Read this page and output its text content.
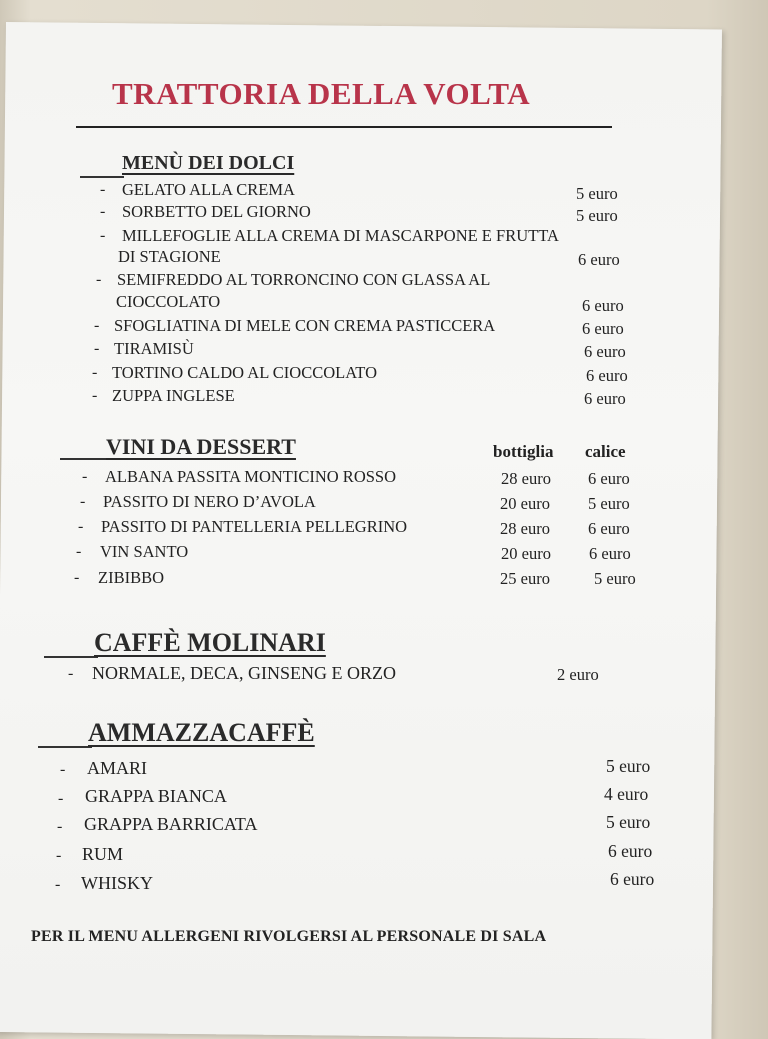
TRATTORIA DELLA VOLTA
MENÙ DEI DOLCI
- GELATO ALLA CREMA	5 euro
- SORBETTO DEL GIORNO	5 euro
- MILLEFOGLIE ALLA CREMA DI MASCARPONE E FRUTTA
DI STAGIONE	6 euro
- SEMIFREDDO AL TORRONCINO CON GLASSA AL
CIOCCOLATO	6 euro
- SFOGLIATINA DI MELE CON CREMA PASTICCERA	6 euro
- TIRAMISÙ	6 euro
- TORTINO CALDO AL CIOCCOLATO	6 euro
- ZUPPA INGLESE	6 euro
VINI DA DESSERT	bottiglia calice
- ALBANA PASSITA MONTICINO ROSSO	28 euro 6 euro
- PASSITO DI NERO D’AVOLA	20 euro 5 euro
- PASSITO DI PANTELLERIA PELLEGRINO	28 euro 6 euro
- VIN SANTO	20 euro 6 euro
- ZIBIBBO	25 euro	5 euro
CAFFÈ MOLINARI
- NORMALE, DECA, GINSENG E ORZO	2 euro
AMMAZZACAFFÈ
- AMARI	5 euro
- GRAPPA BIANCA	4 euro
- GRAPPA BARRICATA	5 euro
- RUM	6 euro
- WHISKY	6 euro
PER IL MENU ALLERGENI RIVOLGERSI AL PERSONALE DI SALA
